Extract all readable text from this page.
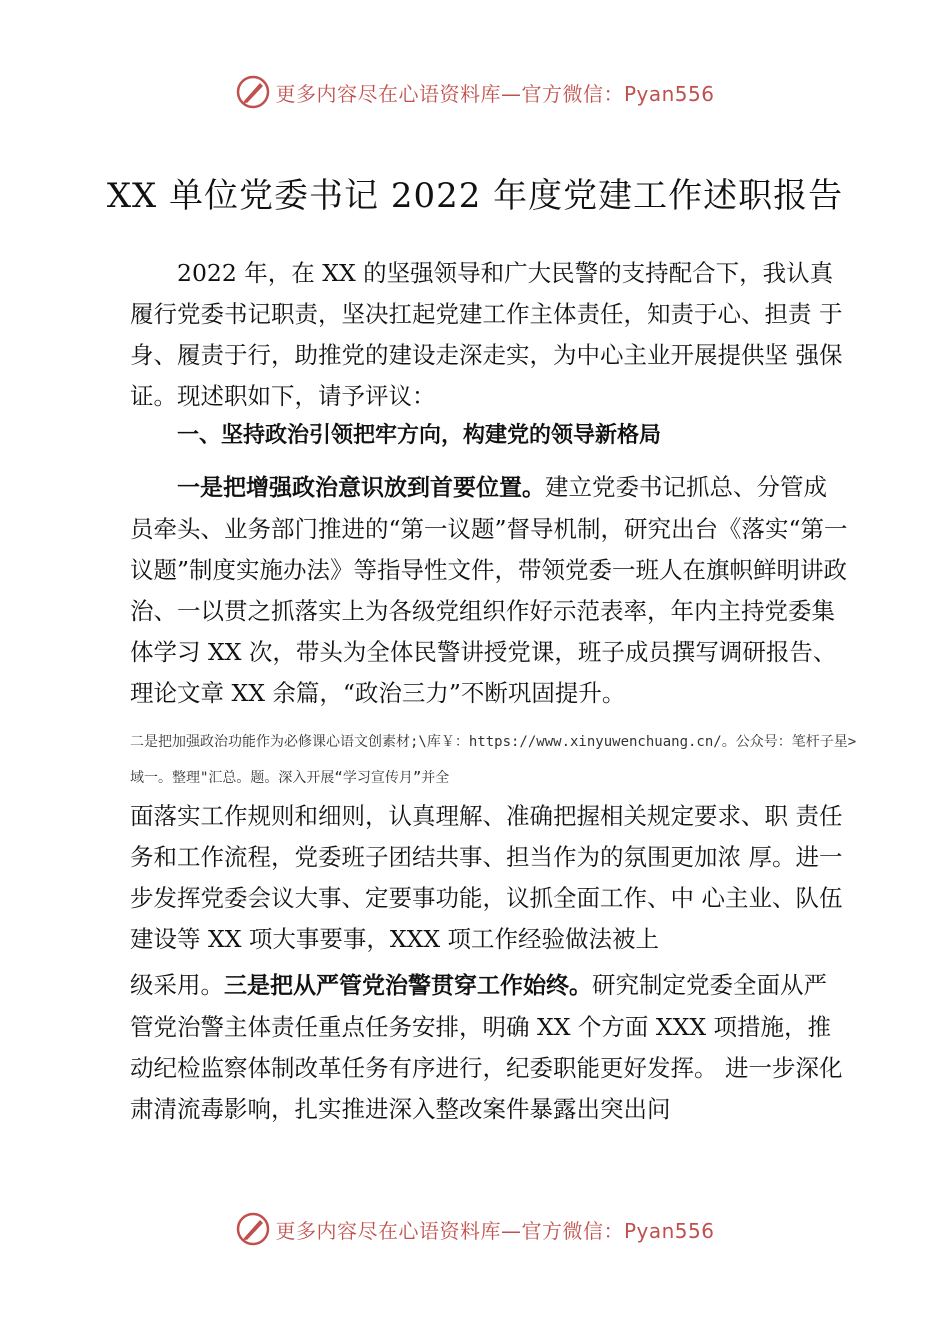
更多内容尽在心语资料库—官方微信：Pyan556
XX 单位党委书记 2022 年度党建工作述职报告
2022 年，在 XX 的坚强领导和广大民警的支持配合下，我认真履行党委书记职责，坚决扛起党建工作主体责任，知责于心、担责 于身、履责于行，助推党的建设走深走实，为中心主业开展提供坚 强保证。现述职如下，请予评议：
一、坚持政治引领把牢方向，构建党的领导新格局
一是把增强政治意识放到首要位置。建立党委书记抓总、分管成员牵头、业务部门推进的“第一议题”督导机制，研究出台《落实“第一议题”制度实施办法》等指导性文件，带领党委一班人在旗帜鲜明讲政治、一以贯之抓落实上为各级党组织作好示范表率，年内主持党委集体学习 XX 次，带头为全体民警讲授党课，班子成员撰写调研报告、理论文章 XX 余篇，“政治三力”不断巩固提升。
二是把加强政治功能作为必修课心语文创素材;\库￥：https://www.xinyuwenchuang.cn/。公众号：笔杆子星>域一。整理"汇总。题。深入开展“学习宣传月”并全
面落实工作规则和细则，认真理解、准确把握相关规定要求、职 责任务和工作流程，党委班子团结共事、担当作为的氛围更加浓 厚。进一步发挥党委会议大事、定要事功能，议抓全面工作、中 心主业、队伍建设等 XX 项大事要事，XXX 项工作经验做法被上
级采用。三是把从严管党治警贯穿工作始终。研究制定党委全面从严管党治警主体责任重点任务安排，明确 XX 个方面 XXX 项措施，推动纪检监察体制改革任务有序进行，纪委职能更好发挥。 进一步深化肃清流毒影响，扎实推进深入整改案件暴露出突出问
更多内容尽在心语资料库—官方微信：Pyan556
